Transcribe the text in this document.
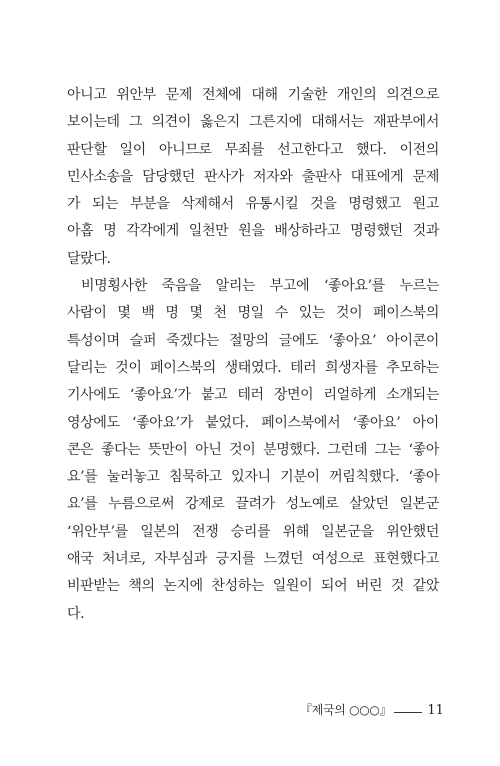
아니고 위안부 문제 전체에 대해 기술한 개인의 의견으로
보이는데 그 의견이 옳은지 그른지에 대해서는 재판부에서
판단할 일이 아니므로 무죄를 선고한다고 했다. 이전의
민사소송을 담당했던 판사가 저자와 출판사 대표에게 문제
가 되는 부분을 삭제해서 유통시킬 것을 명령했고 원고
아홉 명 각각에게 일천만 원을 배상하라고 명령했던 것과
달랐다.
비명횡사한 죽음을 알리는 부고에 ‘좋아요’를 누르는
사람이 몇 백 명 몇 천 명일 수 있는 것이 페이스북의
특성이며 슬퍼 죽겠다는 절망의 글에도 ‘좋아요’ 아이콘이
달리는 것이 페이스북의 생태였다. 테러 희생자를 추모하는
기사에도 ‘좋아요’가 붙고 테러 장면이 리얼하게 소개되는
영상에도 ‘좋아요’가 붙었다. 페이스북에서 ‘좋아요’ 아이
콘은 좋다는 뜻만이 아닌 것이 분명했다. 그런데 그는 ‘좋아
요’를 눌러놓고 침묵하고 있자니 기분이 꺼림칙했다. ‘좋아
요’를 누름으로써 강제로 끌려가 성노예로 살았던 일본군
‘위안부’를 일본의 전쟁 승리를 위해 일본군을 위안했던
애국 처녀로, 자부심과 긍지를 느꼈던 여성으로 표현했다고
비판받는 책의 논지에 찬성하는 일원이 되어 버린 것 같았
다.
『제국의 ○○○』	11
